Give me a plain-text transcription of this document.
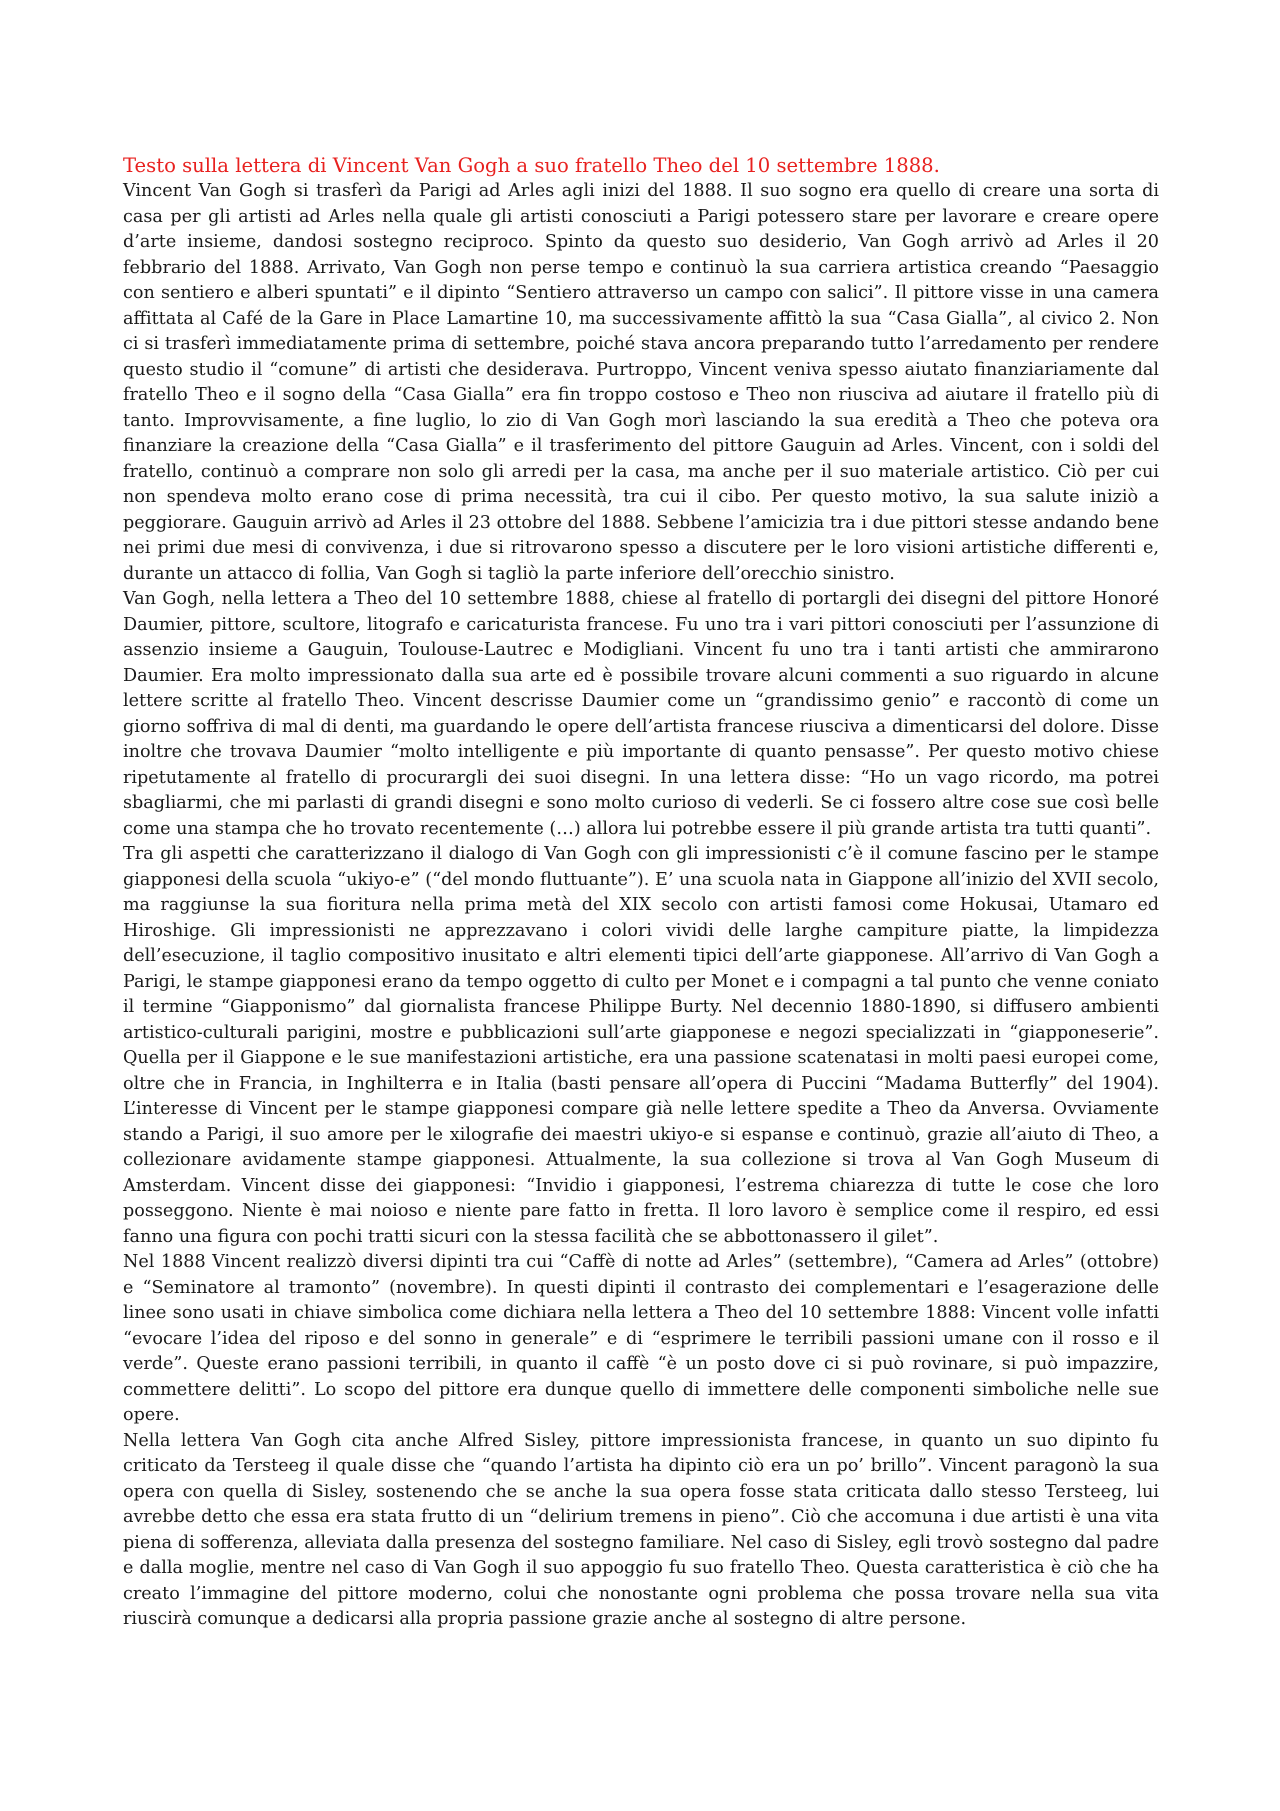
Testo sulla lettera di Vincent Van Gogh a suo fratello Theo del 10 settembre 1888.

Vincent Van Gogh si trasferì da Parigi ad Arles agli inizi del 1888. Il suo sogno era quello di creare una sorta di casa per gli artisti ad Arles nella quale gli artisti conosciuti a Parigi potessero stare per lavorare e creare opere d’arte insieme, dandosi sostegno reciproco. Spinto da questo suo desiderio, Van Gogh arrivò ad Arles il 20 febbrario del 1888. Arrivato, Van Gogh non perse tempo e continuò la sua carriera artistica creando “Paesaggio con sentiero e alberi spuntati” e il dipinto “Sentiero attraverso un campo con salici”. Il pittore visse in una camera affittata al Café de la Gare in Place Lamartine 10, ma successivamente affittò la sua “Casa Gialla”, al civico 2. Non ci si trasferì immediatamente prima di settembre, poiché stava ancora preparando tutto l’arredamento per rendere questo studio il “comune” di artisti che desiderava. Purtroppo, Vincent veniva spesso aiutato finanziariamente dal fratello Theo e il sogno della “Casa Gialla” era fin troppo costoso e Theo non riusciva ad aiutare il fratello più di tanto. Improvvisamente, a fine luglio, lo zio di Van Gogh morì lasciando la sua eredità a Theo che poteva ora finanziare la creazione della “Casa Gialla” e il trasferimento del pittore Gauguin ad Arles. Vincent, con i soldi del fratello, continuò a comprare non solo gli arredi per la casa, ma anche per il suo materiale artistico. Ciò per cui non spendeva molto erano cose di prima necessità, tra cui il cibo. Per questo motivo, la sua salute iniziò a peggiorare. Gauguin arrivò ad Arles il 23 ottobre del 1888. Sebbene l’amicizia tra i due pittori stesse andando bene nei primi due mesi di convivenza, i due si ritrovarono spesso a discutere per le loro visioni artistiche differenti e, durante un attacco di follia, Van Gogh si tagliò la parte inferiore dell’orecchio sinistro.

Van Gogh, nella lettera a Theo del 10 settembre 1888, chiese al fratello di portargli dei disegni del pittore Honoré Daumier, pittore, scultore, litografo e caricaturista francese. Fu uno tra i vari pittori conosciuti per l’assunzione di assenzio insieme a Gauguin, Toulouse-Lautrec e Modigliani. Vincent fu uno tra i tanti artisti che ammirarono Daumier. Era molto impressionato dalla sua arte ed è possibile trovare alcuni commenti a suo riguardo in alcune lettere scritte al fratello Theo. Vincent descrisse Daumier come un “grandissimo genio” e raccontò di come un giorno soffriva di mal di denti, ma guardando le opere dell’artista francese riusciva a dimenticarsi del dolore. Disse inoltre che trovava Daumier “molto intelligente e più importante di quanto pensasse”. Per questo motivo chiese ripetutamente al fratello di procurargli dei suoi disegni. In una lettera disse: “Ho un vago ricordo, ma potrei sbagliarmi, che mi parlasti di grandi disegni e sono molto curioso di vederli. Se ci fossero altre cose sue così belle come una stampa che ho trovato recentemente (…) allora lui potrebbe essere il più grande artista tra tutti quanti”.

Tra gli aspetti che caratterizzano il dialogo di Van Gogh con gli impressionisti c’è il comune fascino per le stampe giapponesi della scuola “ukiyo-e” (“del mondo fluttuante”). E’ una scuola nata in Giappone all’inizio del XVII secolo, ma raggiunse la sua fioritura nella prima metà del XIX secolo con artisti famosi come Hokusai, Utamaro ed Hiroshige. Gli impressionisti ne apprezzavano i colori vividi delle larghe campiture piatte, la limpidezza dell’esecuzione, il taglio compositivo inusitato e altri elementi tipici dell’arte giapponese. All’arrivo di Van Gogh a Parigi, le stampe giapponesi erano da tempo oggetto di culto per Monet e i compagni a tal punto che venne coniato il termine “Giapponismo” dal giornalista francese Philippe Burty. Nel decennio 1880-1890, si diffusero ambienti artistico-culturali parigini, mostre e pubblicazioni sull’arte giapponese e negozi specializzati in “giapponeserie”. Quella per il Giappone e le sue manifestazioni artistiche, era una passione scatenatasi in molti paesi europei come, oltre che in Francia, in Inghilterra e in Italia (basti pensare all’opera di Puccini “Madama Butterfly” del 1904). L’interesse di Vincent per le stampe giapponesi compare già nelle lettere spedite a Theo da Anversa. Ovviamente stando a Parigi, il suo amore per le xilografie dei maestri ukiyo-e si espanse e continuò, grazie all’aiuto di Theo, a collezionare avidamente stampe giapponesi. Attualmente, la sua collezione si trova al Van Gogh Museum di Amsterdam. Vincent disse dei giapponesi: “Invidio i giapponesi, l’estrema chiarezza di tutte le cose che loro posseggono. Niente è mai noioso e niente pare fatto in fretta. Il loro lavoro è semplice come il respiro, ed essi fanno una figura con pochi tratti sicuri con la stessa facilità che se abbottonassero il gilet”.

Nel 1888 Vincent realizzò diversi dipinti tra cui “Caffè di notte ad Arles” (settembre), “Camera ad Arles” (ottobre) e “Seminatore al tramonto” (novembre). In questi dipinti il contrasto dei complementari e l’esagerazione delle linee sono usati in chiave simbolica come dichiara nella lettera a Theo del 10 settembre 1888: Vincent volle infatti “evocare l’idea del riposo e del sonno in generale” e di “esprimere le terribili passioni umane con il rosso e il verde”. Queste erano passioni terribili, in quanto il caffè “è un posto dove ci si può rovinare, si può impazzire, commettere delitti”. Lo scopo del pittore era dunque quello di immettere delle componenti simboliche nelle sue opere.

Nella lettera Van Gogh cita anche Alfred Sisley, pittore impressionista francese, in quanto un suo dipinto fu criticato da Tersteeg il quale disse che “quando l’artista ha dipinto ciò era un po’ brillo”. Vincent paragonò la sua opera con quella di Sisley, sostenendo che se anche la sua opera fosse stata criticata dallo stesso Tersteeg, lui avrebbe detto che essa era stata frutto di un “delirium tremens in pieno”. Ciò che accomuna i due artisti è una vita piena di sofferenza, alleviata dalla presenza del sostegno familiare. Nel caso di Sisley, egli trovò sostegno dal padre e dalla moglie, mentre nel caso di Van Gogh il suo appoggio fu suo fratello Theo. Questa caratteristica è ciò che ha creato l’immagine del pittore moderno, colui che nonostante ogni problema che possa trovare nella sua vita riuscirà comunque a dedicarsi alla propria passione grazie anche al sostegno di altre persone.
